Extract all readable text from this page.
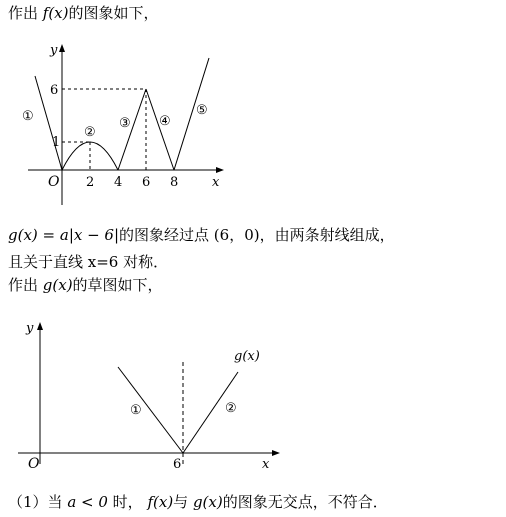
作出 f(x)的图象如下，
y
x
O 2 4 6 8
6
1
①
②
③ ④
⑤
g(x) = a|x − 6|的图象经过点 (6，0)，由两条射线组成，
且关于直线 x=6 对称．
作出 g(x)的草图如下，
y
x
O	6
g(x)
①	②
（1）当 a < 0 时， f(x)与 g(x)的图象无交点，不符合．
